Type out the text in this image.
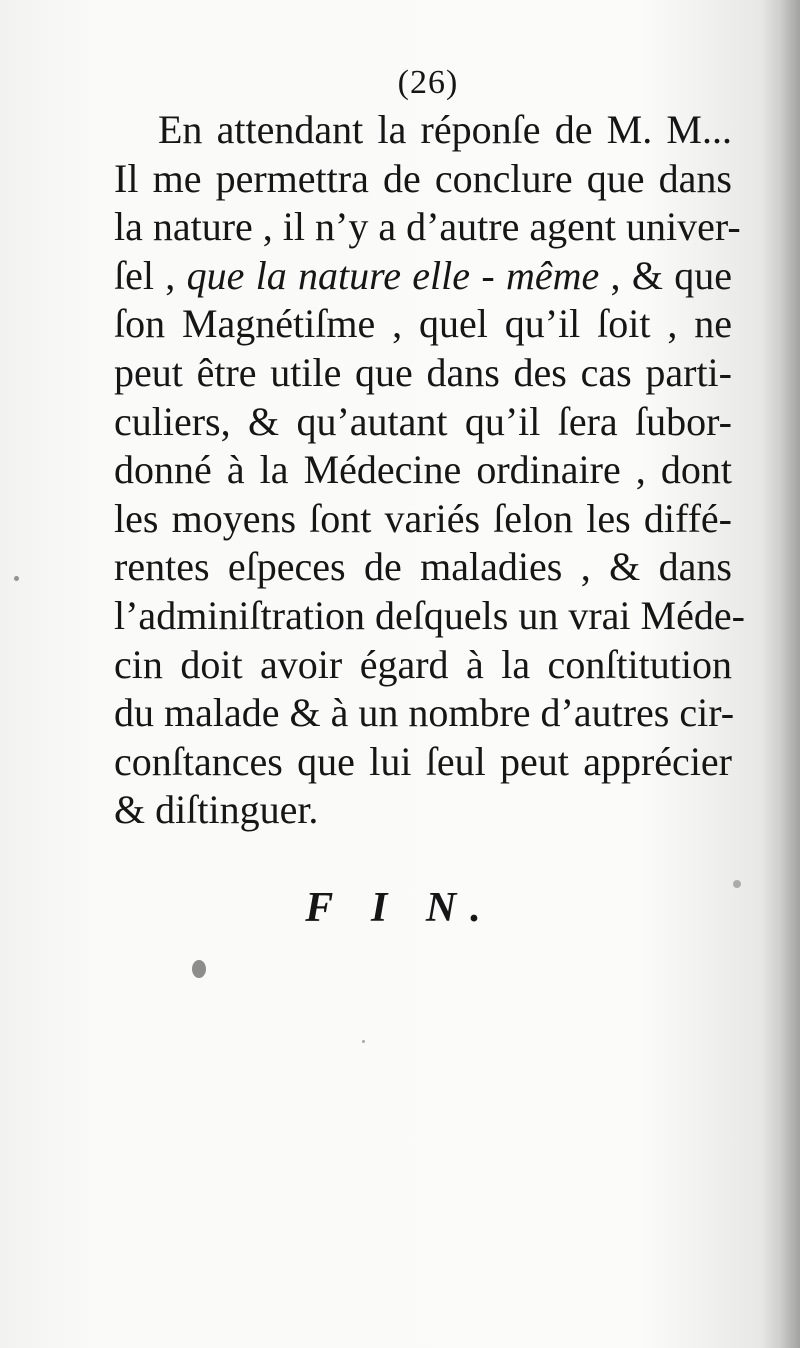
(26)
En attendant la réponſe de M. M...
Il me permettra de conclure que dans
la nature , il n’y a d’autre agent univer-
ſel , que la nature elle - même , & que
ſon Magnétiſme , quel qu’il ſoit , ne
peut être utile que dans des cas parti-
culiers, & qu’autant qu’il ſera ſubor-
donné à la Médecine ordinaire , dont
les moyens ſont variés ſelon les diffé-
rentes eſpeces de maladies , & dans
l’adminiſtration deſquels un vrai Méde-
cin doit avoir égard à la conſtitution
du malade & à un nombre d’autres cir-
conſtances que lui ſeul peut apprécier
& diſtinguer.
F I N.
